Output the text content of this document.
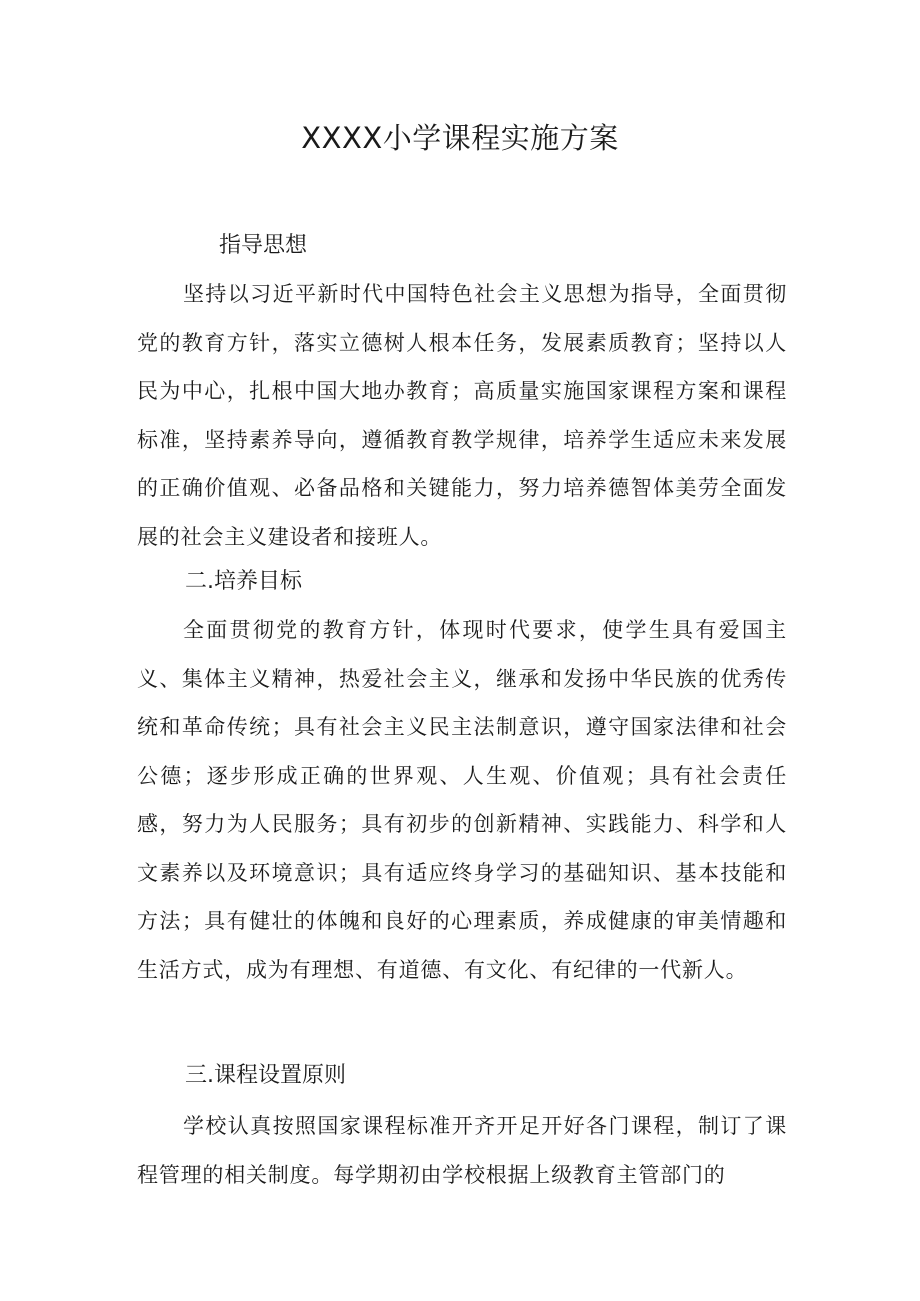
XXXX小学课程实施方案
指导思想

坚持以习近平新时代中国特色社会主义思想为指导，全面贯彻党的教育方针，落实立德树人根本任务，发展素质教育；坚持以人民为中心，扎根中国大地办教育；高质量实施国家课程方案和课程标准，坚持素养导向，遵循教育教学规律，培养学生适应未来发展的正确价值观、必备品格和关键能力，努力培养德智体美劳全面发展的社会主义建设者和接班人。

二.培养目标

全面贯彻党的教育方针，体现时代要求，使学生具有爱国主义、集体主义精神，热爱社会主义，继承和发扬中华民族的优秀传统和革命传统；具有社会主义民主法制意识，遵守国家法律和社会公德；逐步形成正确的世界观、人生观、价值观；具有社会责任感，努力为人民服务；具有初步的创新精神、实践能力、科学和人文素养以及环境意识；具有适应终身学习的基础知识、基本技能和方法；具有健壮的体魄和良好的心理素质，养成健康的审美情趣和生活方式，成为有理想、有道德、有文化、有纪律的一代新人。

三.课程设置原则

学校认真按照国家课程标准开齐开足开好各门课程，制订了课程管理的相关制度。每学期初由学校根据上级教育主管部门的
